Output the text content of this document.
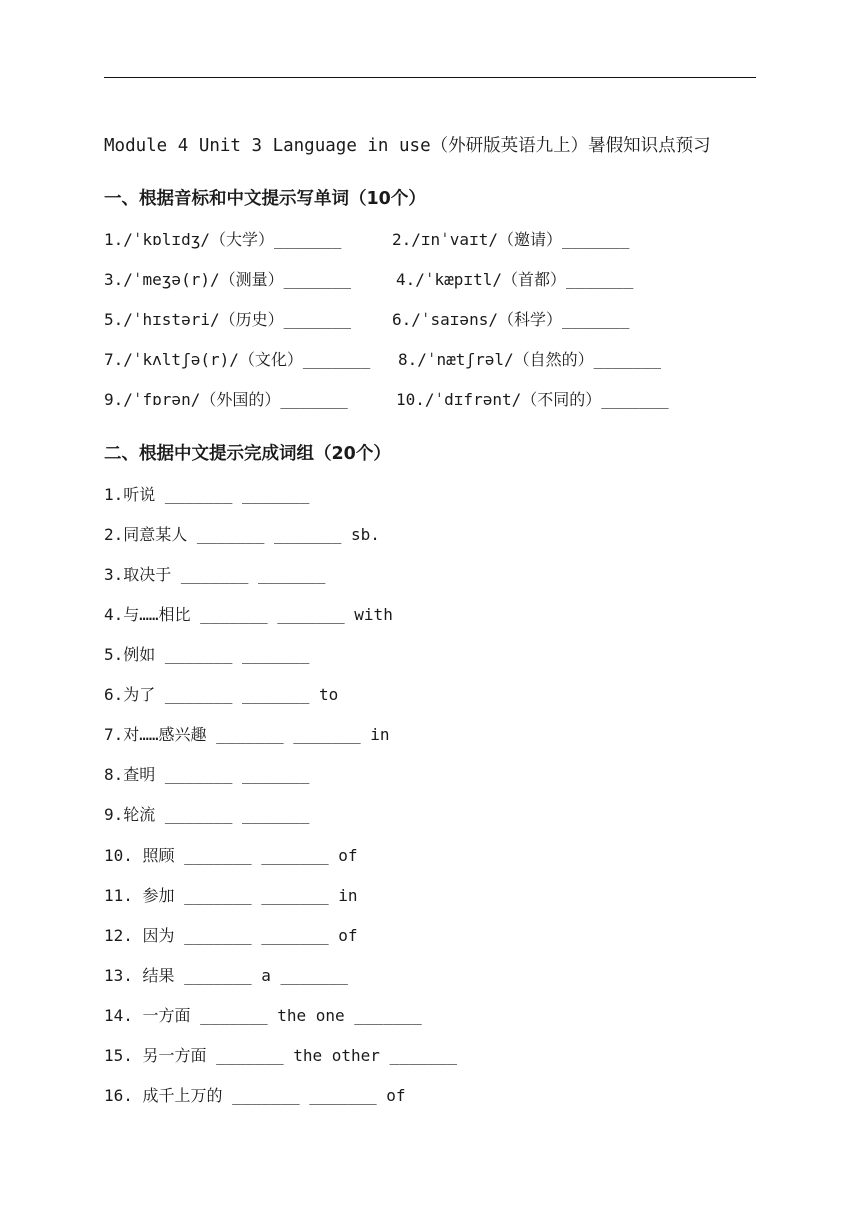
Module 4 Unit 3 Language in use（外研版英语九上）暑假知识点预习
一、根据音标和中文提示写单词（10个）
1./ˈkɒlɪdʒ/（大学）_______	2./ɪnˈvaɪt/（邀请）_______
3./ˈmeʒə(r)/（测量）_______	4./ˈkæpɪtl/（首都）_______
5./ˈhɪstəri/（历史）_______	6./ˈsaɪəns/（科学）_______
7./ˈkʌltʃə(r)/（文化）_______ 8./ˈnætʃrəl/（自然的）_______
9./ˈfɒrən/（外国的）_______	10./ˈdɪfrənt/（不同的）_______
二、根据中文提示完成词组（20个）
1.听说 _______ _______
2.同意某人 _______ _______ sb.
3.取决于 _______ _______
4.与……相比 _______ _______ with
5.例如 _______ _______
6.为了 _______ _______ to
7.对……感兴趣 _______ _______ in
8.查明 _______ _______
9.轮流 _______ _______
10. 照顾 _______ _______ of
11. 参加 _______ _______ in
12. 因为 _______ _______ of
13. 结果 _______ a _______
14. 一方面 _______ the one _______
15. 另一方面 _______ the other _______
16. 成千上万的 _______ _______ of
